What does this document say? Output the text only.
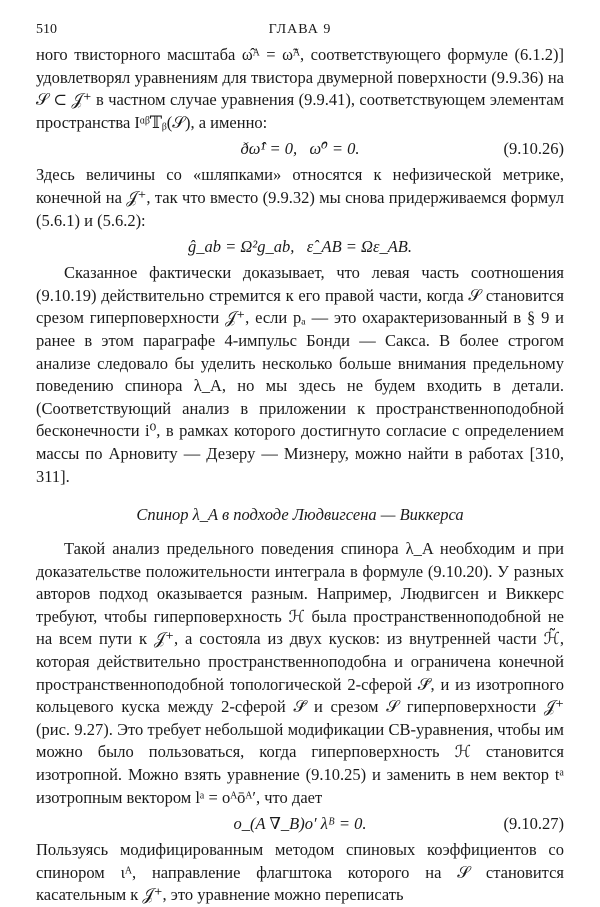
510	ГЛАВА 9

ного твисторного масштаба ω̂ᴬ = ω̃ᴬ, соответствующего формуле (6.1.2)] удовлетворял уравнениям для твистора двумерной поверхности (9.9.36) на 𝒮 ⊂ 𝒥⁺ в частном случае уравнения (9.9.41), соответствующем элементам пространства Iᵅᵝ𝕋ᵦ(𝒮), а именно:

ðω̂¹ = 0,   ω̂⁰ = 0.	(9.10.26)

Здесь величины со «шляпками» относятся к нефизической метрике, конечной на 𝒥⁺, так что вместо (9.9.32) мы снова придерживаемся формул (5.6.1) и (5.6.2):

ĝ_ab = Ω²g_ab,   ε̂_AB = Ωε_AB.

Сказанное фактически доказывает, что левая часть соотношения (9.10.19) действительно стремится к его правой части, когда 𝒮 становится срезом гиперповерхности 𝒥⁺, если pₐ — это охарактеризованный в § 9 и ранее в этом параграфе 4-импульс Бонди — Сакса. В более строгом анализе следовало бы уделить несколько больше внимания предельному поведению спинора λ_A, но мы здесь не будем входить в детали. (Соответствующий анализ в приложении к пространственноподобной бесконечности i⁰, в рамках которого достигнуто согласие с определением массы по Арновиту — Дезеру — Мизнеру, можно найти в работах [310, 311].

Спинор λ_A в подходе Людвигсена — Виккерса

Такой анализ предельного поведения спинора λ_A необходим и при доказательстве положительности интеграла в формуле (9.10.20). У разных авторов подход оказывается разным. Например, Людвигсен и Виккерс требуют, чтобы гиперповерхность ℋ была пространственноподобной не на всем пути к 𝒥⁺, а состояла из двух кусков: из внутренней части ℋ̃, которая действительно пространственноподобна и ограничена конечной пространственноподобной топологической 2-сферой 𝒮̃, и из изотропного кольцевого куска между 2-сферой 𝒮̃ и срезом 𝒮 гиперповерхности 𝒥⁺ (рис. 9.27). Это требует небольшой модификации СВ-уравнения, чтобы им можно было пользоваться, когда гиперповерхность ℋ становится изотропной. Можно взять уравнение (9.10.25) и заменить в нем вектор tᵃ изотропным вектором lᵃ = oᴬōᴬ′, что дает

o_(A ∇_B)o′ λᴮ = 0.	(9.10.27)

Пользуясь модифицированным методом спиновых коэффициентов со спинором ιᴬ, направление флагштока которого на 𝒮 становится касательным к 𝒥⁺, это уравнение можно переписать
